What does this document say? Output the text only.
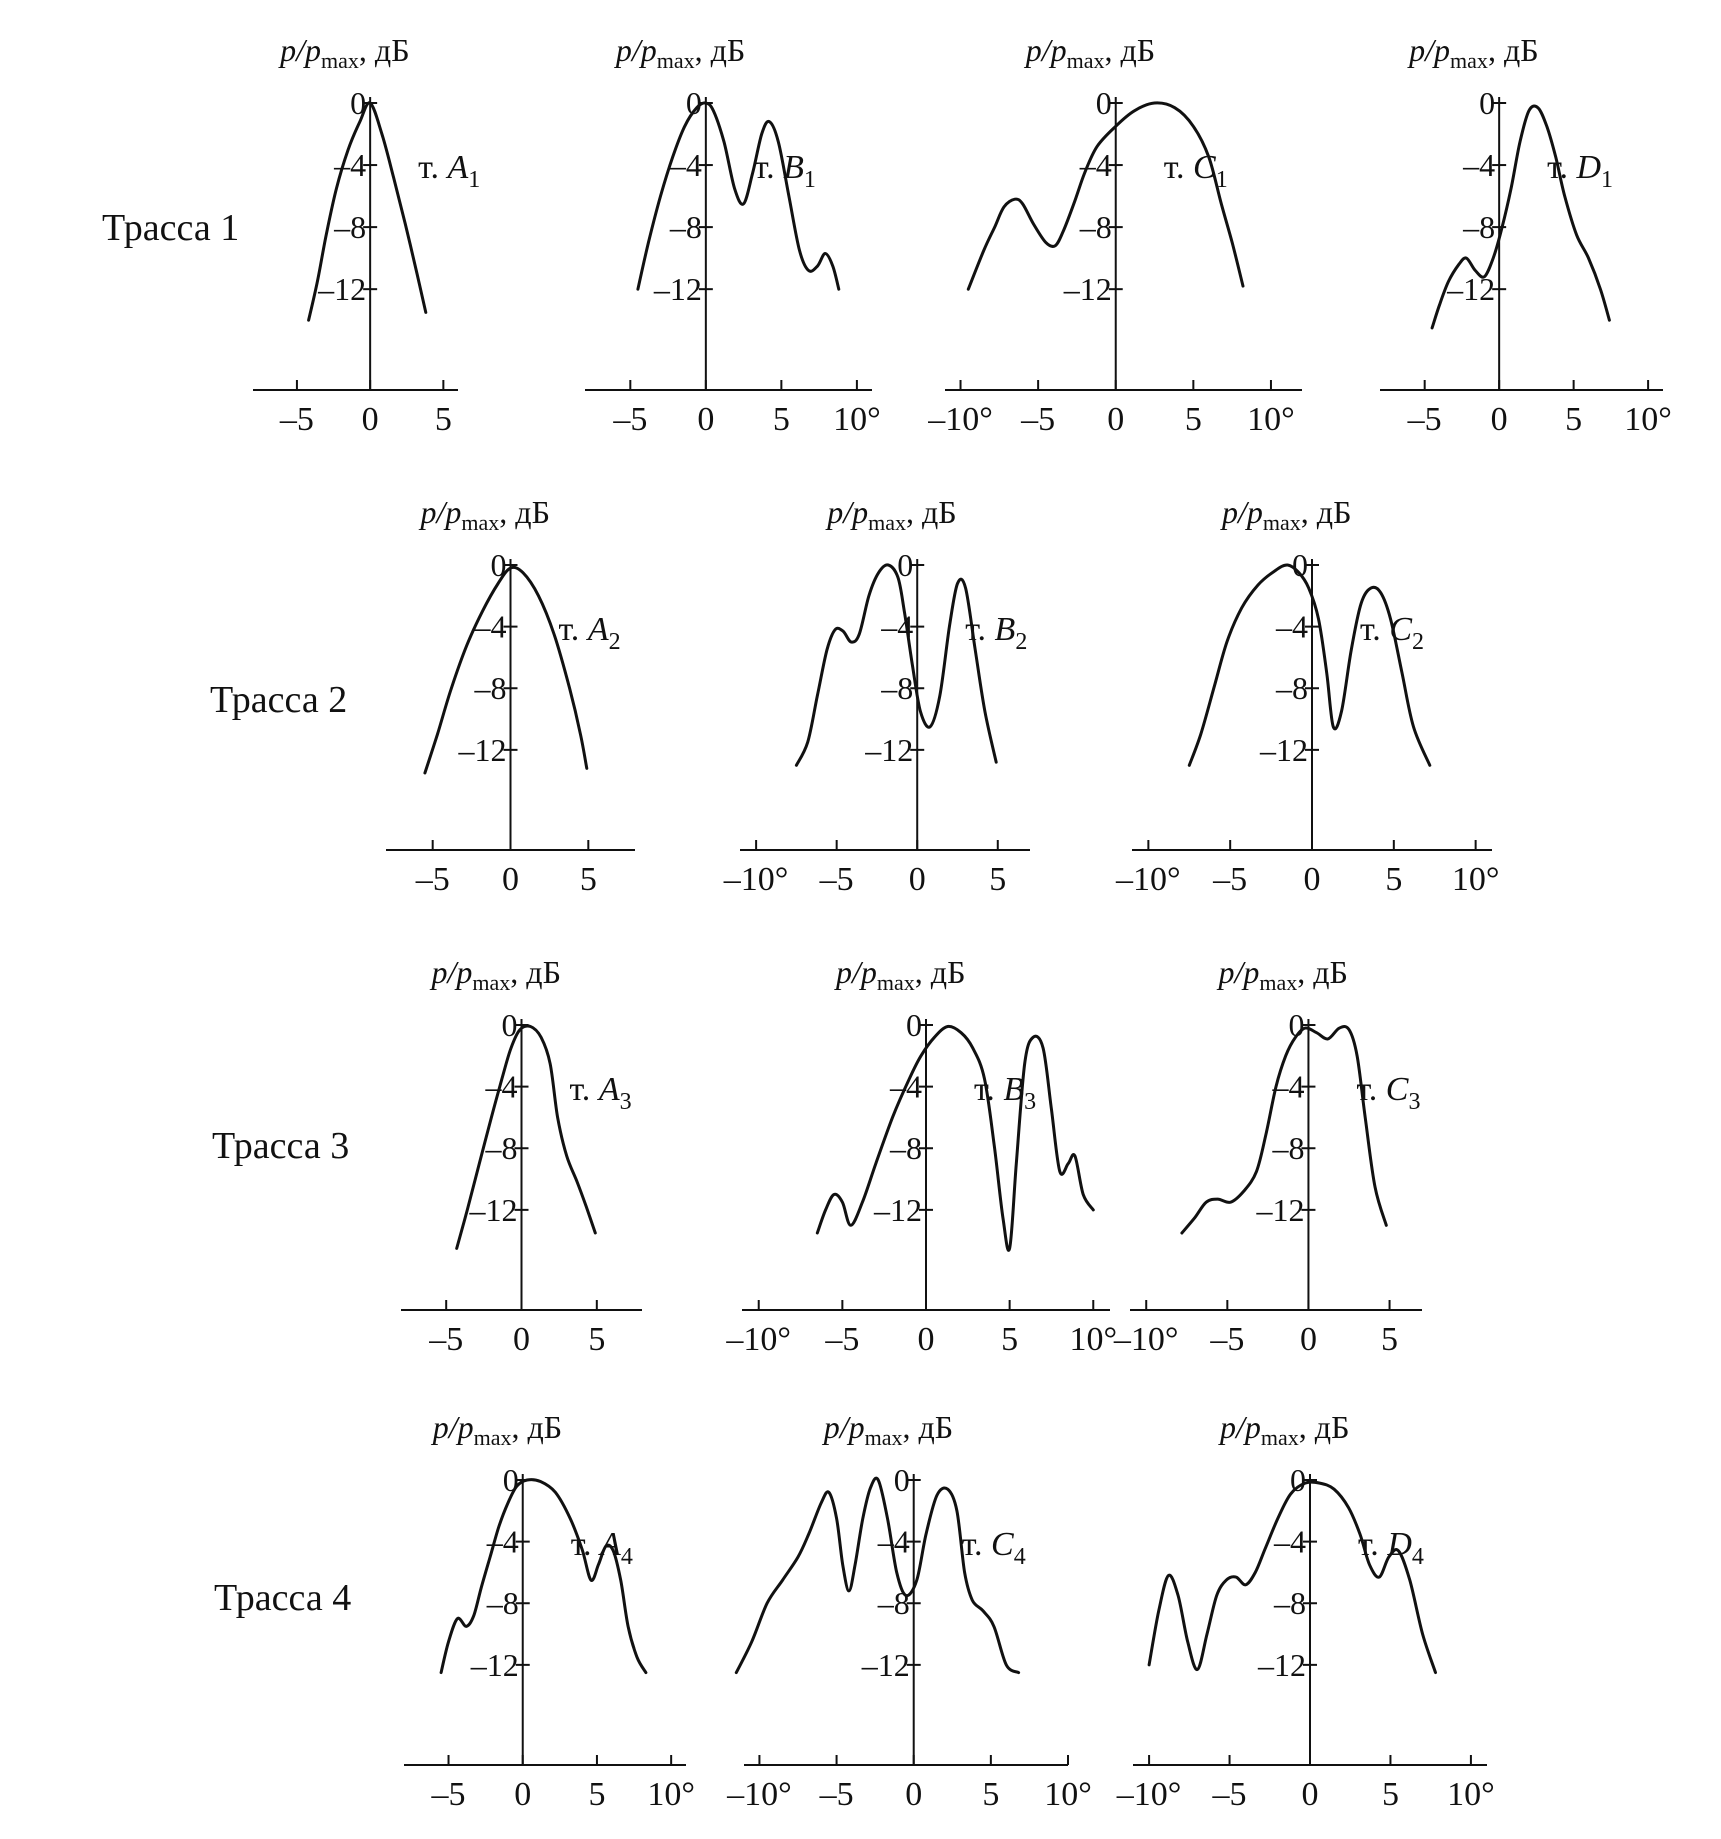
Трасса 1
Трасса 2
Трасса 3
Трасса 4
0
–4
–8
–12
–5 0 5
$p/p_{max}$, дБ
т. $A_1$
0
–4
–8
–12
–5 0 5 10°
$p/p_{max}$, дБ
т. $B_1$
0
–4
–8
–12
–10° –5 0 5 10°
$p/p_{max}$, дБ
т. $C_1$
0
–4
–8
–12
–5 0 5 10°
$p/p_{max}$, дБ
т. $D_1$
0
–4
–8
–12
–5 0 5
$p/p_{max}$, дБ
т. $A_2$
0
–4
–8
–12
–10° –5 0 5
$p/p_{max}$, дБ
т. $B_2$
0
–4
–8
–12
–10° –5 0 5 10°
$p/p_{max}$, дБ
т. $C_2$
0
–4
–8
–12
–5 0 5
$p/p_{max}$, дБ
т. $A_3$
0
–4
–8
–12
–10° –5 0 5 10°
$p/p_{max}$, дБ
т. $B_3$
0
–4
–8
–12
–10° –5 0 5
$p/p_{max}$, дБ
т. $C_3$
0
–4
–8
–12
–5 0 5 10°
$p/p_{max}$, дБ
т. $A_4$
0
–4
–8
–12
–10° –5 0 5 10°
$p/p_{max}$, дБ
т. $C_4$
0
–4
–8
–12
–10° –5 0 5 10°
$p/p_{max}$, дБ
т. $D_4$
